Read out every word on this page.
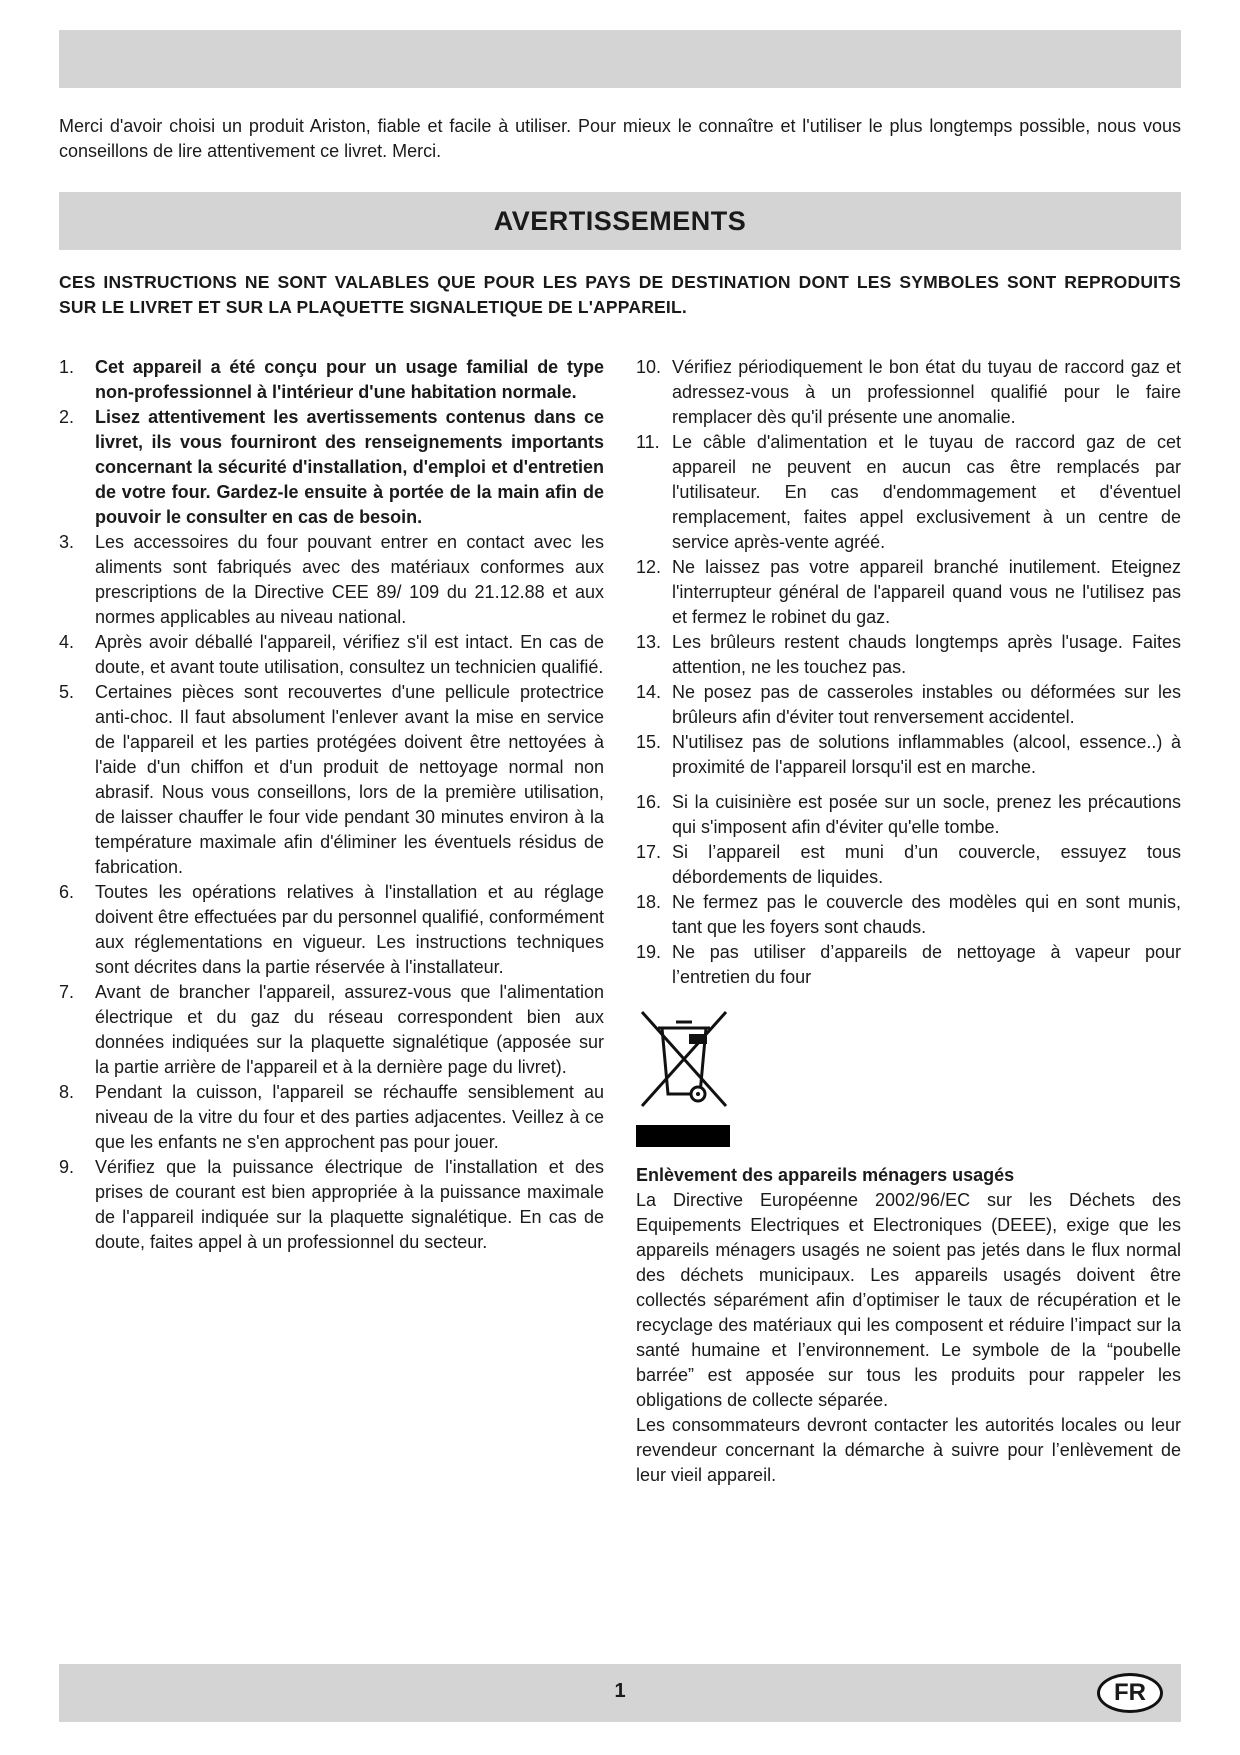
Merci d'avoir choisi un produit Ariston, fiable et facile à utiliser. Pour mieux le connaître et l'utiliser le plus longtemps possible, nous vous conseillons de lire attentivement ce livret. Merci.

AVERTISSEMENTS

CES INSTRUCTIONS NE SONT VALABLES QUE POUR LES PAYS DE DESTINATION DONT LES SYMBOLES SONT REPRODUITS SUR LE LIVRET ET SUR LA PLAQUETTE SIGNALETIQUE DE L'APPAREIL.

1.	Cet appareil a été conçu pour un usage familial de type non-professionnel à l'intérieur d'une habitation normale.
2.	Lisez attentivement les avertissements contenus dans ce livret, ils vous fourniront des renseignements importants concernant la sécurité d'installation, d'emploi et d'entretien de votre four. Gardez-le ensuite à portée de la main afin de pouvoir le consulter en cas de besoin.
3.	Les accessoires du four pouvant entrer en contact avec les aliments sont fabriqués avec des matériaux conformes aux prescriptions de la Directive CEE 89/ 109 du 21.12.88 et aux normes applicables au niveau national.
4.	Après avoir déballé l'appareil, vérifiez s'il est intact. En cas de doute, et avant toute utilisation, consultez un technicien qualifié.
5.	Certaines pièces sont recouvertes d'une pellicule protectrice anti-choc. Il faut absolument l'enlever avant la mise en service de l'appareil et les parties protégées doivent être nettoyées à l'aide d'un chiffon et d'un produit de nettoyage normal non abrasif. Nous vous conseillons, lors de la première utilisation, de laisser chauffer le four vide pendant 30 minutes environ à la température maximale afin d'éliminer les éventuels résidus de fabrication.
6.	Toutes les opérations relatives à l'installation et au réglage doivent être effectuées par du personnel qualifié, conformément aux réglementations en vigueur. Les instructions techniques sont décrites dans la partie réservée à l'installateur.
7.	Avant de brancher l'appareil, assurez-vous que l'alimentation électrique et du gaz du réseau correspondent bien aux données indiquées sur la plaquette signalétique (apposée sur la partie arrière de l'appareil et à la dernière page du livret).
8.	Pendant la cuisson, l'appareil se réchauffe sensiblement au niveau de la vitre du four et des parties adjacentes. Veillez à ce que les enfants ne s'en approchent pas pour jouer.
9.	Vérifiez que la puissance électrique de l'installation et des prises de courant est bien appropriée à la puissance maximale de l'appareil indiquée sur la plaquette signalétique. En cas de doute, faites appel à un professionnel du secteur.
10. Vérifiez périodiquement le bon état du tuyau de raccord gaz et adressez-vous à un professionnel qualifié pour le faire remplacer dès qu'il présente une anomalie.
11. Le câble d'alimentation et le tuyau de raccord gaz de cet appareil ne peuvent en aucun cas être remplacés par l'utilisateur. En cas d'endommagement et d'éventuel remplacement, faites appel exclusivement à un centre de service après-vente agréé.
12. Ne laissez pas votre appareil branché inutilement. Eteignez l'interrupteur général de l'appareil quand vous ne l'utilisez pas et fermez le robinet du gaz.
13. Les brûleurs restent chauds longtemps après l'usage. Faites attention, ne les touchez pas.
14. Ne posez pas de casseroles instables ou déformées sur les brûleurs afin d'éviter tout renversement accidentel.
15. N'utilisez pas de solutions inflammables (alcool, essence..) à proximité de l'appareil lorsqu'il est en marche.
16. Si la cuisinière est posée sur un socle, prenez les précautions qui s'imposent afin d'éviter qu'elle tombe.
17. Si l’appareil est muni d’un couvercle, essuyez tous débordements de liquides.
18. Ne fermez pas le couvercle des modèles qui en sont munis, tant que les foyers sont chauds.
19. Ne pas utiliser d’appareils de nettoyage à vapeur pour l’entretien du four
Enlèvement des appareils ménagers usagés

La Directive Européenne 2002/96/EC sur les Déchets des Equipements Electriques et Electroniques (DEEE), exige que les appareils ménagers usagés ne soient pas jetés dans le flux normal des déchets municipaux. Les appareils usagés doivent être collectés séparément afin d’optimiser le taux de récupération et le recyclage des matériaux qui les composent et réduire l’impact sur la santé humaine et l’environnement. Le symbole de la “poubelle barrée” est apposée sur tous les produits pour rappeler les obligations de collecte séparée.

Les consommateurs devront contacter les autorités locales ou leur revendeur concernant la démarche à suivre pour l’enlèvement de leur vieil appareil.

1	FR
